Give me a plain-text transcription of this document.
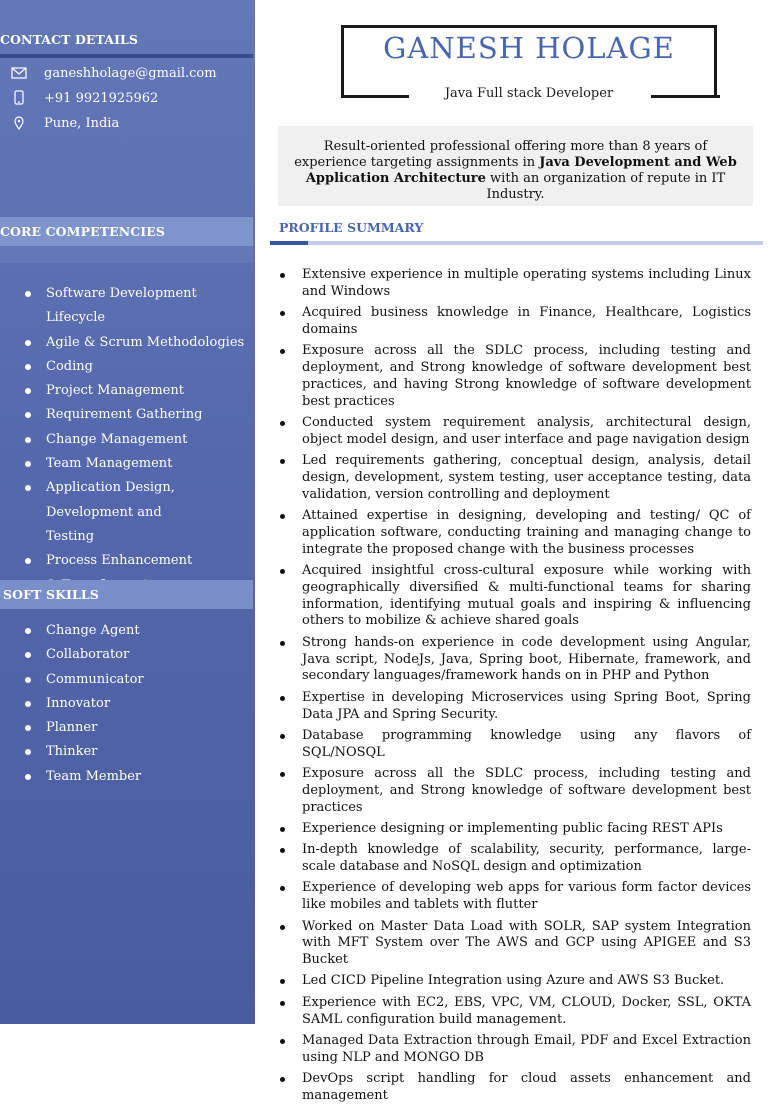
CONTACT DETAILS
ganeshholage@gmail.com
+91 9921925962
Pune, India
CORE COMPETENCIES
Software Development Lifecycle
Agile & Scrum Methodologies
Coding
Project Management
Requirement Gathering
Change Management
Team Management
Application Design, Development and Testing
Process Enhancement
SOFT SKILLS
Change Agent
Collaborator
Communicator
Innovator
Planner
Thinker
Team Member
GANESH HOLAGE
Java Full stack Developer
Result-oriented professional offering more than 8 years of experience targeting assignments in Java Development and Web Application Architecture with an organization of repute in IT Industry.
PROFILE SUMMARY
Extensive experience in multiple operating systems including Linux and Windows
Acquired business knowledge in Finance, Healthcare, Logistics domains
Exposure across all the SDLC process, including testing and deployment, and Strong knowledge of software development best practices, and having Strong knowledge of software development best practices
Conducted system requirement analysis, architectural design, object model design, and user interface and page navigation design
Led requirements gathering, conceptual design, analysis, detail design, development, system testing, user acceptance testing, data validation, version controlling and deployment
Attained expertise in designing, developing and testing/ QC of application software, conducting training and managing change to integrate the proposed change with the business processes
Acquired insightful cross-cultural exposure while working with geographically diversified & multi-functional teams for sharing information, identifying mutual goals and inspiring & influencing others to mobilize & achieve shared goals
Strong hands-on experience in code development using Angular, Java script, NodeJs, Java, Spring boot, Hibernate, framework, and secondary languages/framework hands on in PHP and Python
Expertise in developing Microservices using Spring Boot, Spring Data JPA and Spring Security.
Database programming knowledge using any flavors of SQL/NOSQL
Exposure across all the SDLC process, including testing and deployment, and Strong knowledge of software development best practices
Experience designing or implementing public facing REST APIs
In-depth knowledge of scalability, security, performance, large-scale database and NoSQL design and optimization
Experience of developing web apps for various form factor devices like mobiles and tablets with flutter
Worked on Master Data Load with SOLR, SAP system Integration with MFT System over The AWS and GCP using APIGEE and S3 Bucket
Led CICD Pipeline Integration using Azure and AWS S3 Bucket.
Experience with EC2, EBS, VPC, VM, CLOUD, Docker, SSL, OKTA SAML configuration build management.
Managed Data Extraction through Email, PDF and Excel Extraction using NLP and MONGO DB
DevOps script handling for cloud assets enhancement and management
